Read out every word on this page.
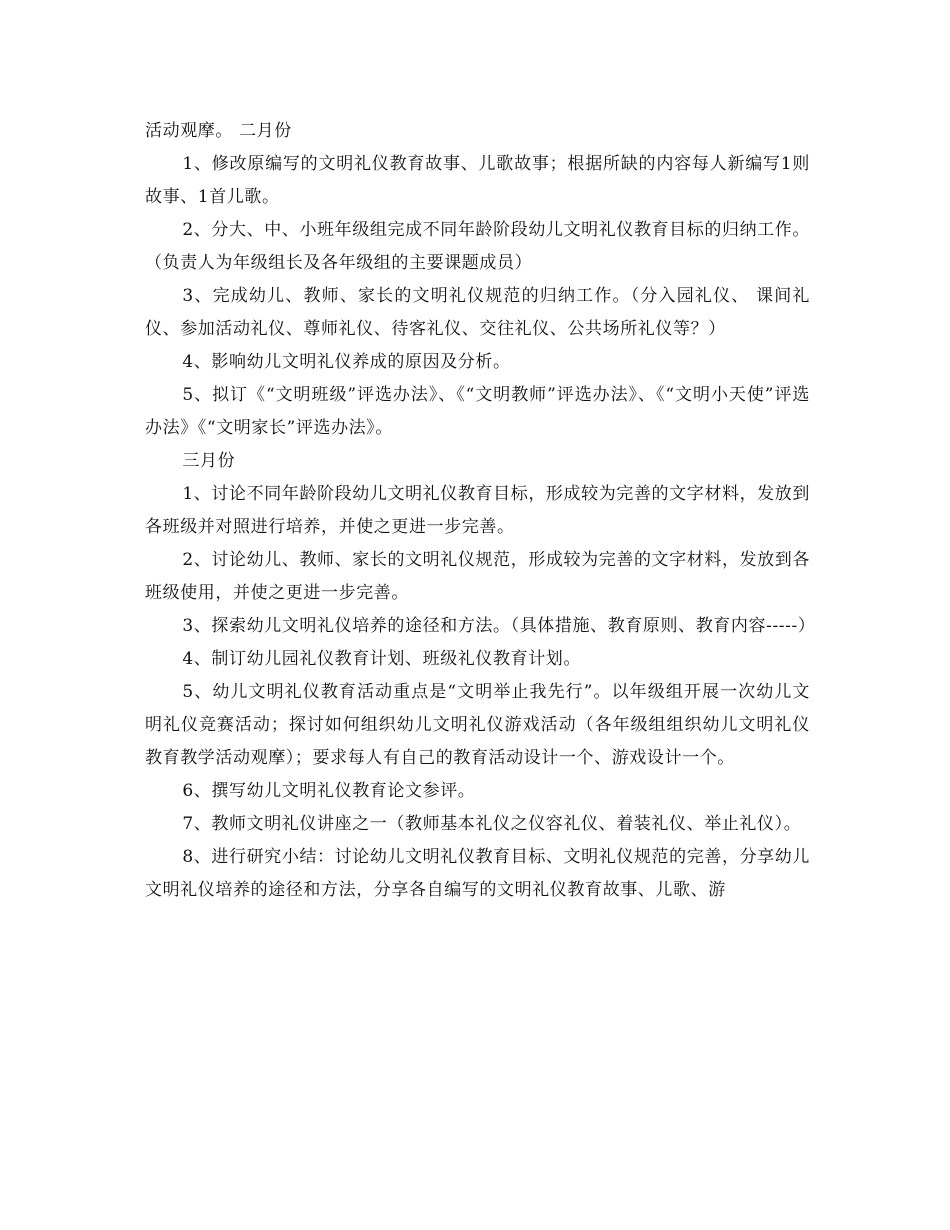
活动观摩。 二月份

1、修改原编写的文明礼仪教育故事、儿歌故事；根据所缺的内容每人新编写1则故事、1首儿歌。

2、分大、中、小班年级组完成不同年龄阶段幼儿文明礼仪教育目标的归纳工作。（负责人为年级组长及各年级组的主要课题成员）

3、完成幼儿、教师、家长的文明礼仪规范的归纳工作。（分入园礼仪、 课间礼仪、参加活动礼仪、尊师礼仪、待客礼仪、交往礼仪、公共场所礼仪等？）

4、影响幼儿文明礼仪养成的原因及分析。

5、拟订《“文明班级”评选办法》、《“文明教师”评选办法》、《“文明小天使”评选办法》《“文明家长”评选办法》。

三月份

1、讨论不同年龄阶段幼儿文明礼仪教育目标，形成较为完善的文字材料，发放到各班级并对照进行培养，并使之更进一步完善。

2、讨论幼儿、教师、家长的文明礼仪规范，形成较为完善的文字材料，发放到各班级使用，并使之更进一步完善。

3、探索幼儿文明礼仪培养的途径和方法。（具体措施、教育原则、教育内容-----）

4、制订幼儿园礼仪教育计划、班级礼仪教育计划。

5、幼儿文明礼仪教育活动重点是“文明举止我先行”。以年级组开展一次幼儿文明礼仪竞赛活动；探讨如何组织幼儿文明礼仪游戏活动（各年级组组织幼儿文明礼仪教育教学活动观摩）；要求每人有自己的教育活动设计一个、游戏设计一个。

6、撰写幼儿文明礼仪教育论文参评。

7、教师文明礼仪讲座之一（教师基本礼仪之仪容礼仪、着装礼仪、举止礼仪）。

8、进行研究小结：讨论幼儿文明礼仪教育目标、文明礼仪规范的完善，分享幼儿文明礼仪培养的途径和方法，分享各自编写的文明礼仪教育故事、儿歌、游
